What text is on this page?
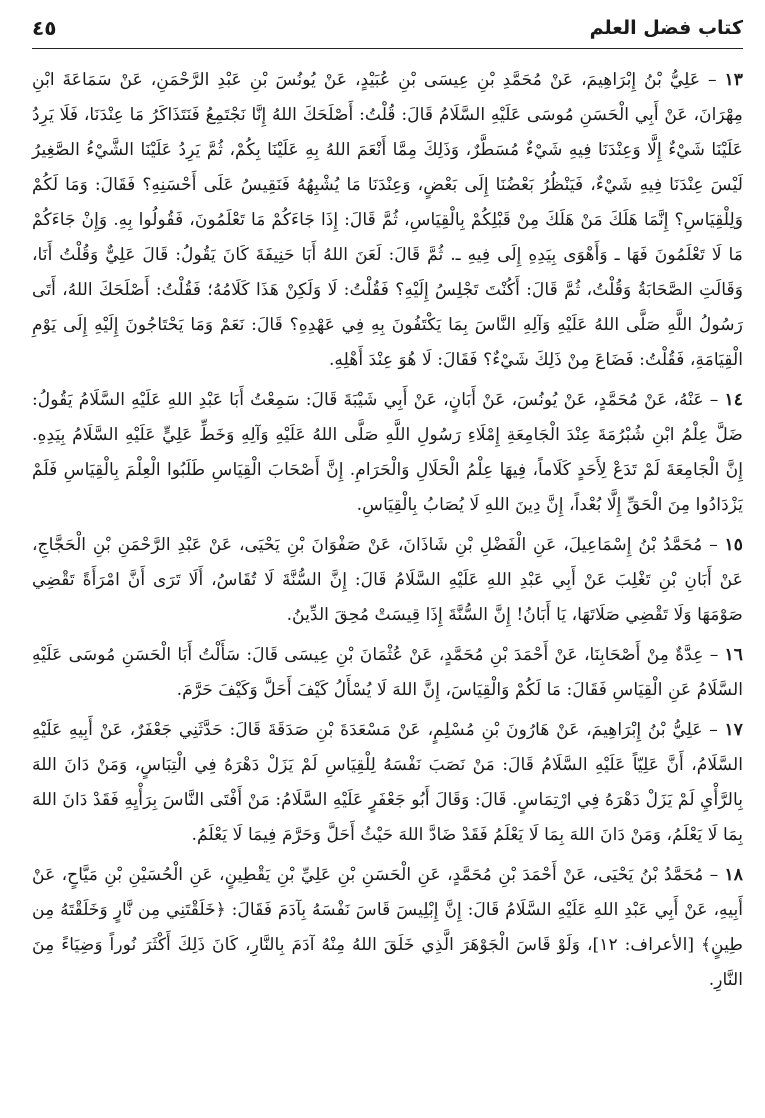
كتاب فضل العلم
٤٥

١٣ – عَلِيُّ بْنُ إِبْرَاهِيمَ، عَنْ مُحَمَّدِ بْنِ عِيسَى بْنِ عُبَيْدٍ، عَنْ يُونُسَ بْنِ عَبْدِ الرَّحْمَنِ، عَنْ سَمَاعَةَ ابْنِ مِهْرَانَ، عَنْ أَبِي الْحَسَنِ مُوسَى عَلَيْهِ السَّلَامُ قَالَ: قُلْتُ: أَصْلَحَكَ اللهُ إِنَّا نَجْتَمِعُ فَنَتَذَاكَرُ مَا عِنْدَنَا، فَلَا يَرِدُ عَلَيْنَا شَيْءٌ إِلَّا وَعِنْدَنَا فِيهِ شَيْءٌ مُسَطَّرٌ، وَذَلِكَ مِمَّا أَنْعَمَ اللهُ بِهِ عَلَيْنَا بِكُمْ، ثُمَّ يَرِدُ عَلَيْنَا الشَّيْءُ الصَّغِيرُ لَيْسَ عِنْدَنَا فِيهِ شَيْءٌ، فَيَنْظُرُ بَعْضُنَا إِلَى بَعْضٍ، وَعِنْدَنَا مَا يُشْبِهُهُ فَنَقِيسُ عَلَى أَحْسَنِهِ؟ فَقَالَ: وَمَا لَكُمْ وَلِلْقِيَاسِ؟ إِنَّمَا هَلَكَ مَنْ هَلَكَ مِنْ قَبْلِكُمْ بِالْقِيَاسِ، ثُمَّ قَالَ: إِذَا جَاءَكُمْ مَا تَعْلَمُونَ، فَقُولُوا بِهِ. وَإِنْ جَاءَكُمْ مَا لَا تَعْلَمُونَ فَهَا ـ وَأَهْوَى بِيَدِهِ إِلَى فِيهِ ـ. ثُمَّ قَالَ: لَعَنَ اللهُ أَبَا حَنِيفَةَ كَانَ يَقُولُ: قَالَ عَلِيٌّ وَقُلْتُ أَنَا، وَقَالَتِ الصَّحَابَةُ وَقُلْتُ، ثُمَّ قَالَ: أَكُنْتَ تَجْلِسُ إِلَيْهِ؟ فَقُلْتُ: لَا وَلَكِنْ هَذَا كَلَامُهُ؛ فَقُلْتُ: أَصْلَحَكَ اللهُ، أَتَى رَسُولُ اللَّهِ صَلَّى اللهُ عَلَيْهِ وَآلِهِ النَّاسَ بِمَا يَكْتَفُونَ بِهِ فِي عَهْدِهِ؟ قَالَ: نَعَمْ وَمَا يَحْتَاجُونَ إِلَيْهِ إِلَى يَوْمِ الْقِيَامَةِ، فَقُلْتُ: فَضَاعَ مِنْ ذَلِكَ شَيْءٌ؟ فَقَالَ: لَا هُوَ عِنْدَ أَهْلِهِ.

١٤ – عَنْهُ، عَنْ مُحَمَّدٍ، عَنْ يُونُسَ، عَنْ أَبَانٍ، عَنْ أَبِي شَيْبَةَ قَالَ: سَمِعْتُ أَبَا عَبْدِ اللهِ عَلَيْهِ السَّلَامُ يَقُولُ: ضَلَّ عِلْمُ ابْنِ شُبْرُمَةَ عِنْدَ الْجَامِعَةِ إِمْلَاءِ رَسُولِ اللَّهِ صَلَّى اللهُ عَلَيْهِ وَآلِهِ وَخَطِّ عَلِيٍّ عَلَيْهِ السَّلَامُ بِيَدِهِ. إِنَّ الْجَامِعَةَ لَمْ تَدَعْ لِأَحَدٍ كَلَاماً، فِيهَا عِلْمُ الْحَلَالِ وَالْحَرَامِ. إِنَّ أَصْحَابَ الْقِيَاسِ طَلَبُوا الْعِلْمَ بِالْقِيَاسِ فَلَمْ يَزْدَادُوا مِنَ الْحَقِّ إِلَّا بُعْداً، إِنَّ دِينَ اللهِ لَا يُصَابُ بِالْقِيَاسِ.

١٥ – مُحَمَّدُ بْنُ إِسْمَاعِيلَ، عَنِ الْفَضْلِ بْنِ شَاذَانَ، عَنْ صَفْوَانَ بْنِ يَحْيَى، عَنْ عَبْدِ الرَّحْمَنِ بْنِ الْحَجَّاجِ، عَنْ أَبَانِ بْنِ تَغْلِبَ عَنْ أَبِي عَبْدِ اللهِ عَلَيْهِ السَّلَامُ قَالَ: إِنَّ السُّنَّةَ لَا تُقَاسُ، أَلَا تَرَى أَنَّ امْرَأَةً تَقْضِي صَوْمَهَا وَلَا تَقْضِي صَلَاتَهَا، يَا أَبَانُ! إِنَّ السُّنَّةَ إِذَا قِيسَتْ مُحِقَ الدِّينُ.

١٦ – عِدَّةٌ مِنْ أَصْحَابِنَا، عَنْ أَحْمَدَ بْنِ مُحَمَّدٍ، عَنْ عُثْمَانَ بْنِ عِيسَى قَالَ: سَأَلْتُ أَبَا الْحَسَنِ مُوسَى عَلَيْهِ السَّلَامُ عَنِ الْقِيَاسِ فَقَالَ: مَا لَكُمْ وَالْقِيَاسَ، إِنَّ اللهَ لَا يُسْأَلُ كَيْفَ أَحَلَّ وَكَيْفَ حَرَّمَ.

١٧ – عَلِيُّ بْنُ إِبْرَاهِيمَ، عَنْ هَارُونَ بْنِ مُسْلِمٍ، عَنْ مَسْعَدَةَ بْنِ صَدَقَةَ قَالَ: حَدَّثَنِي جَعْفَرٌ، عَنْ أَبِيهِ عَلَيْهِ السَّلَامُ، أَنَّ عَلِيّاً عَلَيْهِ السَّلَامُ قَالَ: مَنْ نَصَبَ نَفْسَهُ لِلْقِيَاسِ لَمْ يَزَلْ دَهْرَهُ فِي الْتِبَاسٍ، وَمَنْ دَانَ اللهَ بِالرَّأْيِ لَمْ يَزَلْ دَهْرَهُ فِي ارْتِمَاسٍ. قَالَ: وَقَالَ أَبُو جَعْفَرٍ عَلَيْهِ السَّلَامُ: مَنْ أَفْتَى النَّاسَ بِرَأْيِهِ فَقَدْ دَانَ اللهَ بِمَا لَا يَعْلَمُ، وَمَنْ دَانَ اللهَ بِمَا لَا يَعْلَمُ فَقَدْ ضَادَّ اللهَ حَيْثُ أَحَلَّ وَحَرَّمَ فِيمَا لَا يَعْلَمُ.

١٨ – مُحَمَّدُ بْنُ يَحْيَى، عَنْ أَحْمَدَ بْنِ مُحَمَّدٍ، عَنِ الْحَسَنِ بْنِ عَلِيِّ بْنِ يَقْطِينٍ، عَنِ الْحُسَيْنِ بْنِ مَيَّاحٍ، عَنْ أَبِيهِ، عَنْ أَبِي عَبْدِ اللهِ عَلَيْهِ السَّلَامُ قَالَ: إِنَّ إِبْلِيسَ قَاسَ نَفْسَهُ بِآدَمَ فَقَالَ: ﴿خَلَقْتَنِي مِن نَّارٍ وَخَلَقْتَهُ مِن طِينٍ﴾ [الأعراف: ١٢]، وَلَوْ قَاسَ الْجَوْهَرَ الَّذِي خَلَقَ اللهُ مِنْهُ آدَمَ بِالنَّارِ، كَانَ ذَلِكَ أَكْثَرَ نُوراً وَضِيَاءً مِنَ النَّارِ.
